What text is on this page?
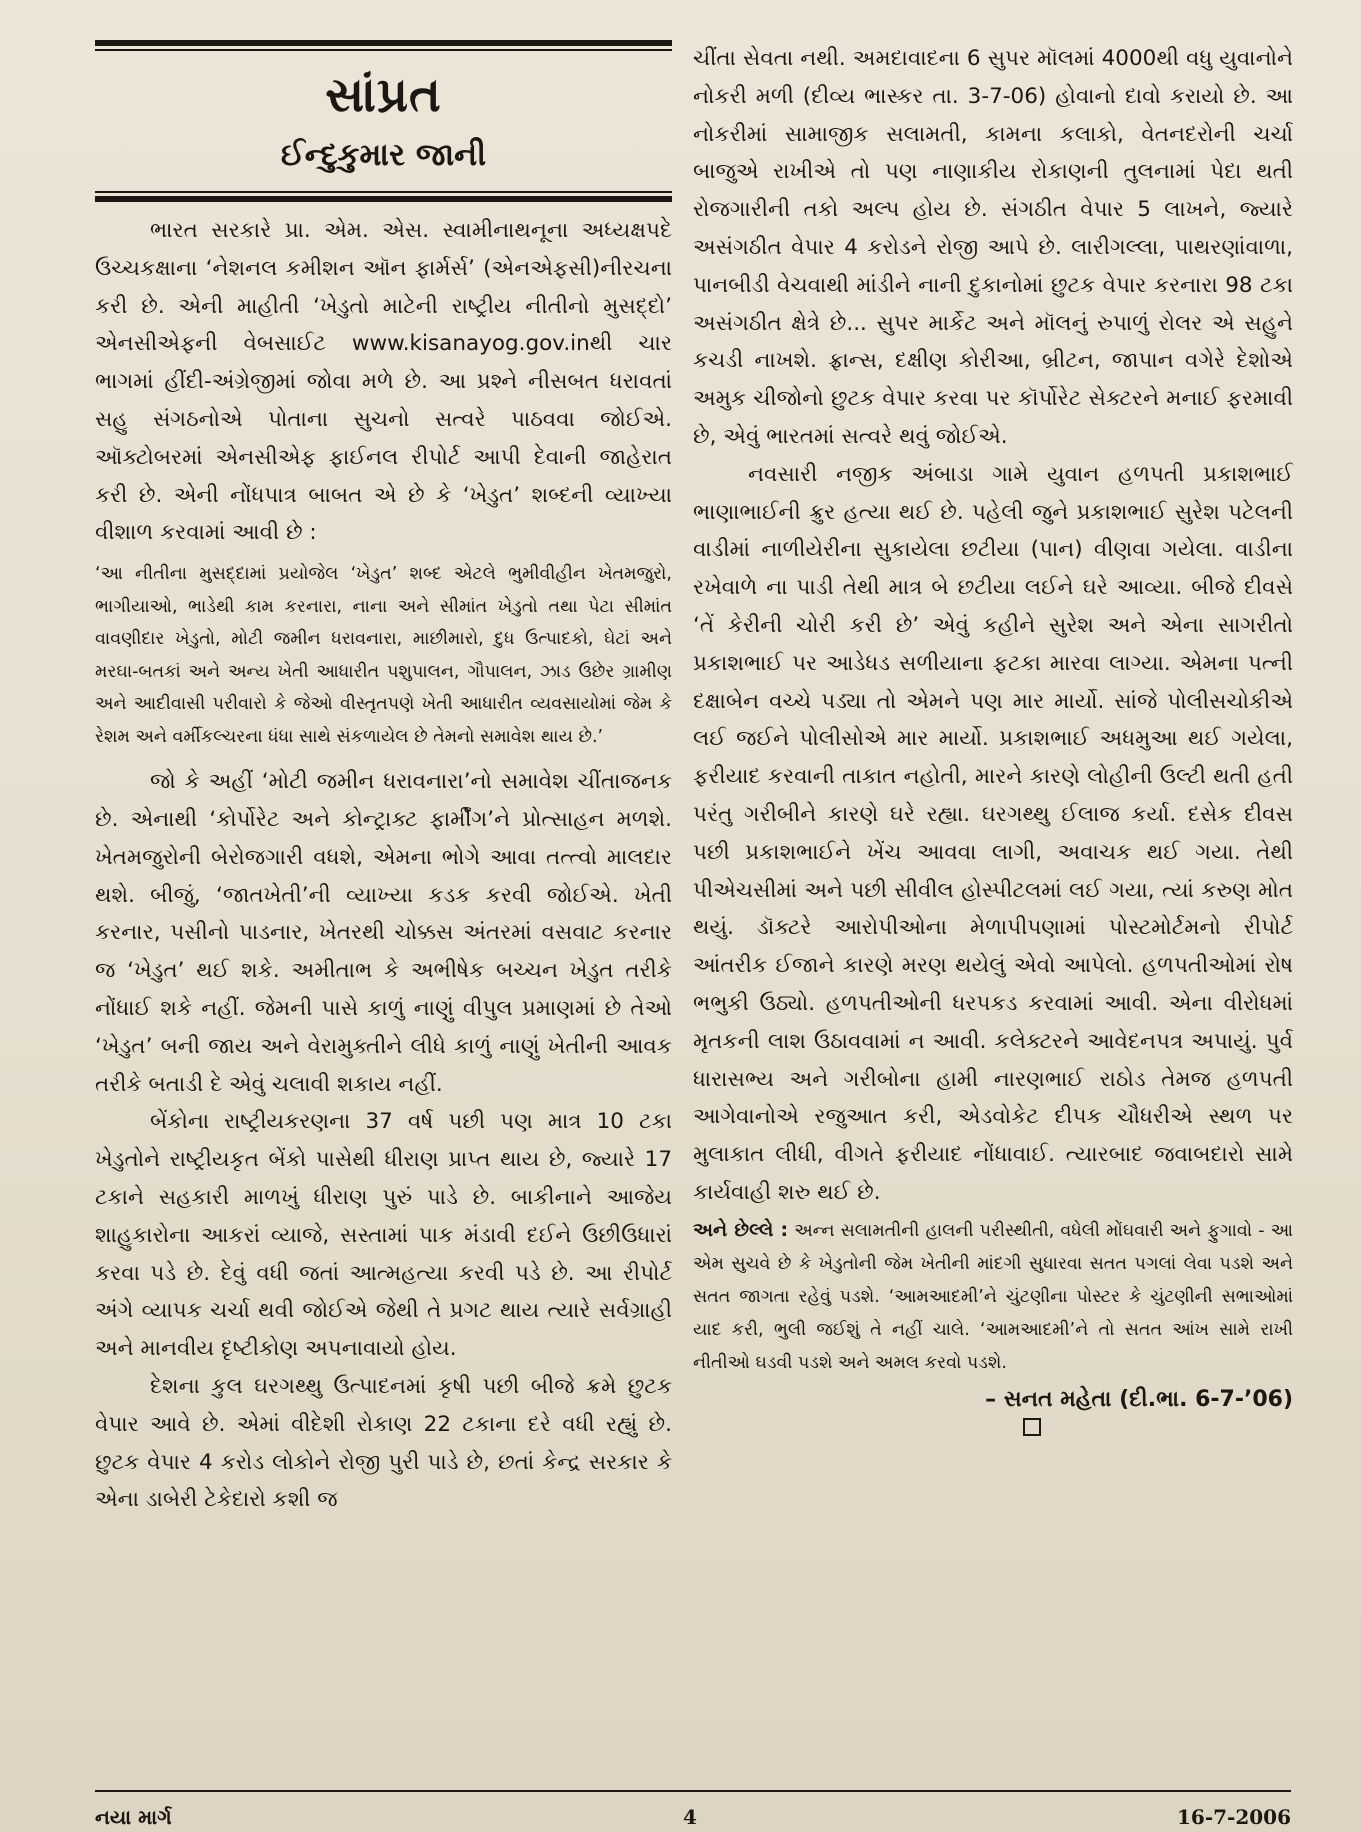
સાંપ્રત
ઈન્દુકુમાર જાની

ભારત સરકારે પ્રા. એમ. એસ. સ્વામીનાથનૂના અધ્યક્ષપદે ઉચ્ચકક્ષાના ‘નેશનલ કમીશન ઑન ફાર્મર્સ’ (એનએફસી)નીરચના કરી છે. એની માહીતી ‘ખેડુતો માટેની રાષ્ટ્રીય નીતીનો મુસદ્દો’ એનસીએફની વેબસાઈટ www.kisanayog.gov.inથી ચાર ભાગમાં હીંદી-અંગ્રેજીમાં જોવા મળે છે. આ પ્રશ્ને નીસબત ધરાવતાં સહુ સંગઠનોએ પોતાના સુચનો સત્વરે પાઠવવા જોઈએ. ઑક્ટોબરમાં એનસીએફ ફાઈનલ રીપોર્ટ આપી દેવાની જાહેરાત કરી છે. એની નોંધપાત્ર બાબત એ છે કે ‘ખેડુત’ શબ્દની વ્યાખ્યા વીશાળ કરવામાં આવી છે :

‘આ નીતીના મુસદ્દામાં પ્રયોજેલ ‘ખેડુત’ શબ્દ એટલે ભુમીવીહીન ખેતમજુરો, ભાગીયાઓ, ભાડેથી કામ કરનારા, નાના અને સીમાંત ખેડુતો તથા પેટા સીમાંત વાવણીદાર ખેડુતો, મોટી જમીન ધરાવનારા, માછીમારો, દુધ ઉત્પાદકો, ઘેટાં અને મરઘા-બતકાં અને અન્ય ખેતી આધારીત પશુપાલન, ગૌપાલન, ઝાડ ઉછેર ગ્રામીણ અને આદીવાસી પરીવારો કે જેઓ વીસ્તૃતપણે ખેતી આધારીત વ્યવસાયોમાં જેમ કે રેશમ અને વર્મીકલ્ચરના ધંધા સાથે સંકળાયેલ છે તેમનો સમાવેશ થાય છે.’

જો કે અહીં ‘મોટી જમીન ધરાવનારા’નો સમાવેશ ચીંતાજનક છે. એનાથી ‘કોર્પોરેટ અને કોન્ટ્રાક્ટ ફાર્મીંગ’ને પ્રોત્સાહન મળશે. ખેતમજુરોની બેરોજગારી વધશે, એમના ભોગે આવા તત્ત્વો માલદાર થશે. બીજું, ‘જાતખેતી’ની વ્યાખ્યા કડક કરવી જોઈએ. ખેતી કરનાર, પસીનો પાડનાર, ખેતરથી ચોક્કસ અંતરમાં વસવાટ કરનાર જ ‘ખેડુત’ થઈ શકે. અમીતાભ કે અભીષેક બચ્ચન ખેડુત તરીકે નોંધાઈ શકે નહીં. જેમની પાસે કાળું નાણું વીપુલ પ્રમાણમાં છે તેઓ ‘ખેડુત’ બની જાય અને વેરામુક્તીને લીધે કાળું નાણું ખેતીની આવક તરીકે બતાડી દે એવું ચલાવી શકાય નહીં.

બેંકોના રાષ્ટ્રીયકરણના 37 વર્ષ પછી પણ માત્ર 10 ટકા ખેડુતોને રાષ્ટ્રીયકૃત બેંકો પાસેથી ધીરાણ પ્રાપ્ત થાય છે, જ્યારે 17 ટકાને સહકારી માળખું ધીરાણ પુરું પાડે છે. બાકીનાને આજેય શાહુકારોના આકરાં વ્યાજે, સસ્તામાં પાક મંડાવી દઈને ઉછીઉધારાં કરવા પડે છે. દેવું વધી જતાં આત્મહત્યા કરવી પડે છે. આ રીપોર્ટ અંગે વ્યાપક ચર્ચા થવી જોઈએ જેથી તે પ્રગટ થાય ત્યારે સર્વગ્રાહી અને માનવીય દૃષ્ટીકોણ અપનાવાયો હોય.

દેશના કુલ ઘરગથ્થુ ઉત્પાદનમાં કૃષી પછી બીજે ક્રમે છુટક વેપાર આવે છે. એમાં વીદેશી રોકાણ 22 ટકાના દરે વધી રહ્યું છે. છુટક વેપાર 4 કરોડ લોકોને રોજી પુરી પાડે છે, છતાં કેન્દ્ર સરકાર કે એના ડાબેરી ટેકેદારો કશી જ

ચીંતા સેવતા નથી. અમદાવાદના 6 સુપર મૉલમાં 4000થી વધુ યુવાનોને નોકરી મળી (દીવ્ય ભાસ્કર તા. 3-7-06) હોવાનો દાવો કરાયો છે. આ નોકરીમાં સામાજીક સલામતી, કામના કલાકો, વેતનદરોની ચર્ચા બાજુએ રાખીએ તો પણ નાણાકીય રોકાણની તુલનામાં પેદા થતી રોજગારીની તકો અલ્પ હોય છે. સંગઠીત વેપાર 5 લાખને, જ્યારે અસંગઠીત વેપાર 4 કરોડને રોજી આપે છે. લારીગલ્લા, પાથરણાંવાળા, પાનબીડી વેચવાથી માંડીને નાની દુકાનોમાં છુટક વેપાર કરનારા 98 ટકા અસંગઠીત ક્ષેત્રે છે... સુપર માર્કેટ અને મૉલનું રુપાળું રોલર એ સહુને કચડી નાખશે. ફ્રાન્સ, દક્ષીણ કોરીઆ, બ્રીટન, જાપાન વગેરે દેશોએ અમુક ચીજોનો છુટક વેપાર કરવા પર કૉર્પોરેટ સેક્ટરને મનાઈ ફરમાવી છે, એવું ભારતમાં સત્વરે થવું જોઈએ.

નવસારી નજીક અંબાડા ગામે યુવાન હળપતી પ્રકાશભાઈ ભાણાભાઈની ક્રુર હત્યા થઈ છે. પહેલી જુને પ્રકાશભાઈ સુરેશ પટેલની વાડીમાં નાળીયેરીના સુકાયેલા છટીયા (પાન) વીણવા ગયેલા. વાડીના રખેવાળે ના પાડી તેથી માત્ર બે છટીયા લઈને ઘરે આવ્યા. બીજે દીવસે ‘તેં કેરીની ચોરી કરી છે’ એવું કહીને સુરેશ અને એના સાગરીતો પ્રકાશભાઈ પર આડેધડ સળીયાના ફટકા મારવા લાગ્યા. એમના પત્ની દક્ષાબેન વચ્ચે પડ્યા તો એમને પણ માર માર્યો. સાંજે પોલીસચોકીએ લઈ જઈને પોલીસોએ માર માર્યો. પ્રકાશભાઈ અધમુઆ થઈ ગયેલા, ફરીયાદ કરવાની તાકાત નહોતી, મારને કારણે લોહીની ઉલ્ટી થતી હતી પરંતુ ગરીબીને કારણે ઘરે રહ્યા. ઘરગથ્થુ ઈલાજ કર્યા. દસેક દીવસ પછી પ્રકાશભાઈને ખેંચ આવવા લાગી, અવાચક થઈ ગયા. તેથી પીએચસીમાં અને પછી સીવીલ હોસ્પીટલમાં લઈ ગયા, ત્યાં કરુણ મોત થયું. ડૉક્ટરે આરોપીઓના મેળાપીપણામાં પોસ્ટમોર્ટમનો રીપોર્ટ આંતરીક ઈજાને કારણે મરણ થયેલું એવો આપેલો. હળપતીઓમાં રોષ ભભુકી ઉઠ્યો. હળપતીઓની ધરપકડ કરવામાં આવી. એના વીરોધમાં મૃતકની લાશ ઉઠાવવામાં ન આવી. કલેક્ટરને આવેદનપત્ર અપાયું. પુર્વ ધારાસભ્ય અને ગરીબોના હામી નારણભાઈ રાઠોડ તેમજ હળપતી આગેવાનોએ રજુઆત કરી, એડવોકેટ દીપક ચૌધરીએ સ્થળ પર મુલાકાત લીધી, વીગતે ફરીયાદ નોંધાવાઈ. ત્યારબાદ જવાબદારો સામે કાર્યવાહી શરુ થઈ છે.

અને છેલ્લે : અન્ન સલામતીની હાલની પરીસ્થીતી, વધેલી મોંઘવારી અને ફુગાવો - આ એમ સુચવે છે કે ખેડુતોની જેમ ખેતીની માંદગી સુધારવા સતત પગલાં લેવા પડશે અને સતત જાગતા રહેવું પડશે. ‘આમઆદમી’ને ચુંટણીના પોસ્ટર કે ચુંટણીની સભાઓમાં યાદ કરી, ભુલી જઈશું તે નહીં ચાલે. ‘આમઆદમી’ને તો સતત આંખ સામે રાખી નીતીઓ ઘડવી પડશે અને અમલ કરવો પડશે.

– સનત મહેતા (દી.ભા. 6-7-’06)
નયા માર્ગ	4	16-7-2006
